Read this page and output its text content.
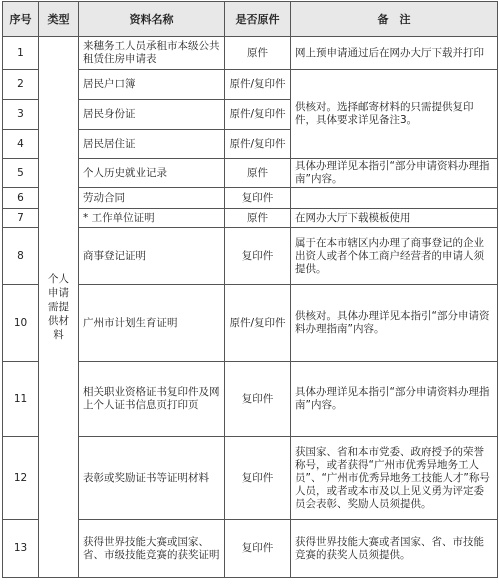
序号	类型	资料名称	是否原件	备　注
1	个人申请需提供材料	来穗务工人员承租市本级公共租赁住房申请表	原件	网上预申请通过后在网办大厅下载并打印
2		居民户口簿	原件/复印件	供核对。选择邮寄材料的只需提供复印件，具体要求详见备注3。
3		居民身份证	原件/复印件	
4		居民居住证	原件/复印件	
5		个人历史就业记录	原件	具体办理详见本指引“部分申请资料办理指南”内容。
6		劳动合同	复印件	
7		* 工作单位证明	原件	在网办大厅下载模板使用
8		商事登记证明	复印件	属于在本市辖区内办理了商事登记的企业出资人或者个体工商户经营者的申请人须提供。
10		广州市计划生育证明	原件/复印件	供核对。具体办理详见本指引“部分申请资料办理指南”内容。
11		相关职业资格证书复印件及网上个人证书信息页打印页	复印件	具体办理详见本指引“部分申请资料办理指南”内容。
12		表彰或奖励证书等证明材料	复印件	获国家、省和本市党委、政府授予的荣誉称号，或者获得“广州市优秀异地务工人员”、“广州市优秀异地务工技能人才”称号人员，或者或本市及以上见义勇为评定委员会表彰、奖励人员须提供。
13		获得世界技能大赛或国家、省、市级技能竞赛的获奖证明	复印件	获得世界技能大赛或者国家、省、市技能竞赛的获奖人员须提供。
